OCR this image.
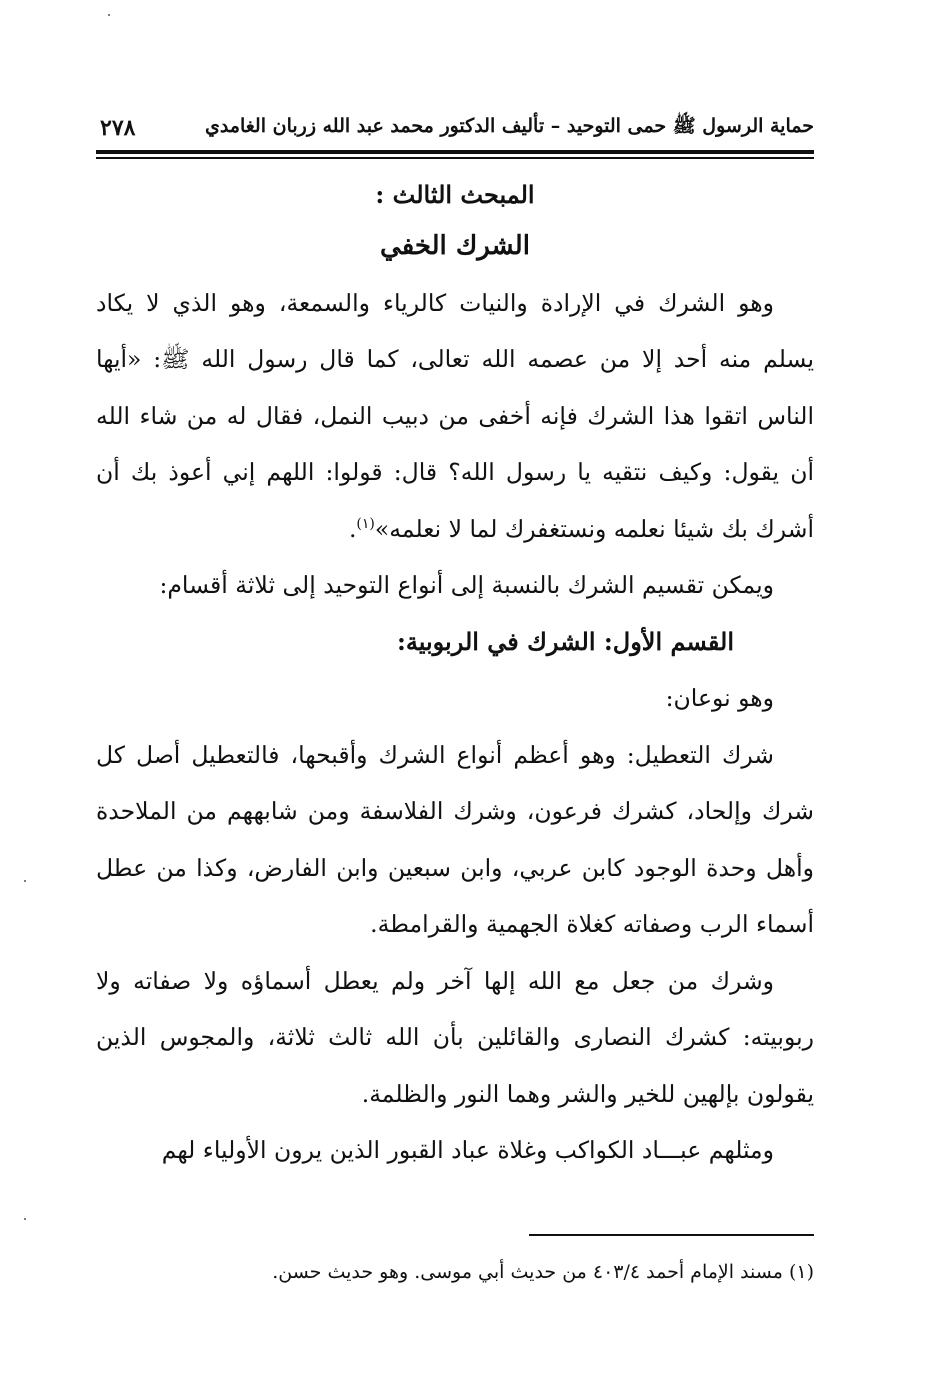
حماية الرسول ﷺ حمى التوحيد – تأليف الدكتور محمد عبد الله زربان الغامدي
٢٧٨
المبحث الثالث :
الشرك الخفي

وهو الشرك في الإرادة والنيات كالرياء والسمعة، وهو الذي لا يكاد يسلم منه أحد إلا من عصمه الله تعالى، كما قال رسول الله ﷺ: «أيها الناس اتقوا هذا الشرك فإنه أخفى من دبيب النمل، فقال له من شاء الله أن يقول: وكيف نتقيه يا رسول الله؟ قال: قولوا: اللهم إني أعوذ بك أن أشرك بك شيئا نعلمه ونستغفرك لما لا نعلمه»$^{(١)}$.

ويمكن تقسيم الشرك بالنسبة إلى أنواع التوحيد إلى ثلاثة أقسام:

القسم الأول: الشرك في الربوبية:

وهو نوعان:

شرك التعطيل: وهو أعظم أنواع الشرك وأقبحها، فالتعطيل أصل كل شرك وإلحاد، كشرك فرعون، وشرك الفلاسفة ومن شابههم من الملاحدة وأهل وحدة الوجود كابن عربي، وابن سبعين وابن الفارض، وكذا من عطل أسماء الرب وصفاته كغلاة الجهمية والقرامطة.

وشرك من جعل مع الله إلها آخر ولم يعطل أسماؤه ولا صفاته ولا ربوبيته: كشرك النصارى والقائلين بأن الله ثالث ثلاثة، والمجوس الذين يقولون بإلهين للخير والشر وهما النور والظلمة.

ومثلهم عبـــاد الكواكب وغلاة عباد القبور الذين يرون الأولياء لهم

(١) مسند الإمام أحمد ٤٠٣/٤ من حديث أبي موسى. وهو حديث حسن.
